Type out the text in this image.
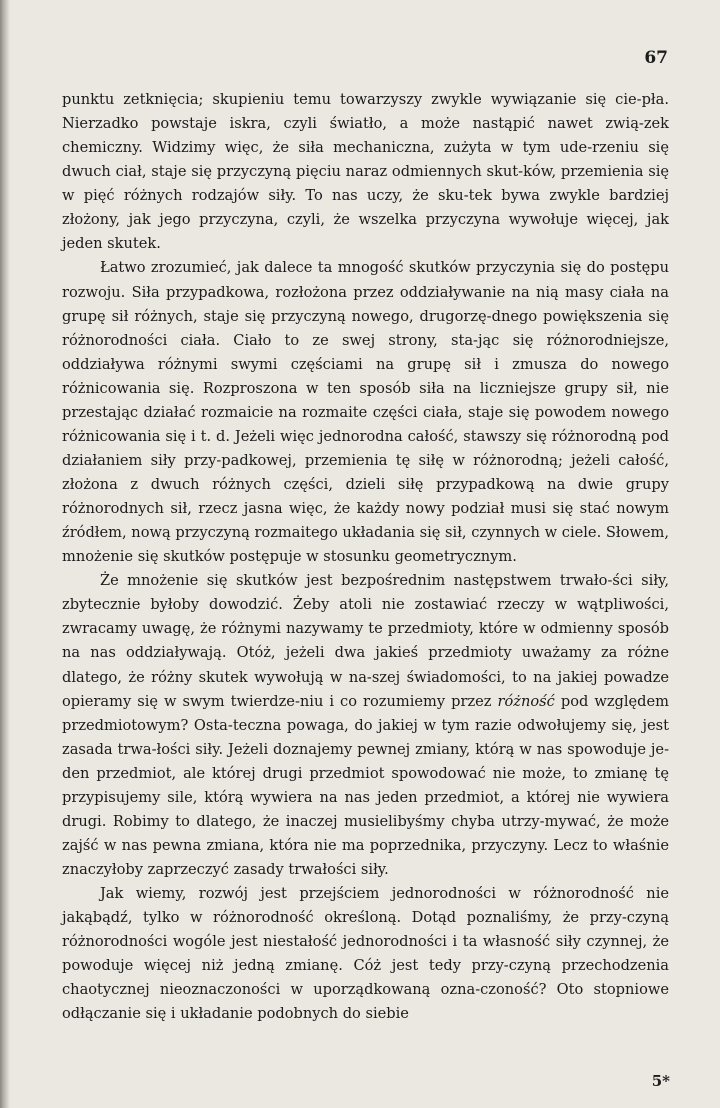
67

punktu zetknięcia; skupieniu temu towarzyszy zwykle wywiązanie się cie-pła. Nierzadko powstaje iskra, czyli światło, a może nastąpić nawet zwią-zek chemiczny. Widzimy więc, że siła mechaniczna, zużyta w tym ude-rzeniu się dwuch ciał, staje się przyczyną pięciu naraz odmiennych skut-ków, przemienia się w pięć różnych rodzajów siły. To nas uczy, że sku-tek bywa zwykle bardziej złożony, jak jego przyczyna, czyli, że wszelka przyczyna wywołuje więcej, jak jeden skutek.

Łatwo zrozumieć, jak dalece ta mnogość skutków przyczynia się do postępu rozwoju. Siła przypadkowa, rozłożona przez oddziaływanie na nią masy ciała na grupę sił różnych, staje się przyczyną nowego, drugorzę-dnego powiększenia się różnorodności ciała. Ciało to ze swej strony, sta-jąc się różnorodniejsze, oddziaływa różnymi swymi częściami na grupę sił i zmusza do nowego różnicowania się. Rozproszona w ten sposób siła na liczniejsze grupy sił, nie przestając działać rozmaicie na rozmaite części ciała, staje się powodem nowego różnicowania się i t. d. Jeżeli więc jednorodna całość, stawszy się różnorodną pod działaniem siły przy-padkowej, przemienia tę siłę w różnorodną; jeżeli całość, złożona z dwuch różnych części, dzieli siłę przypadkową na dwie grupy różnorodnych sił, rzecz jasna więc, że każdy nowy podział musi się stać nowym źródłem, nową przyczyną rozmaitego układania się sił, czynnych w ciele. Słowem, mnożenie się skutków postępuje w stosunku geometrycznym.

Że mnożenie się skutków jest bezpośrednim następstwem trwało-ści siły, zbytecznie byłoby dowodzić. Żeby atoli nie zostawiać rzeczy w wątpliwości, zwracamy uwagę, że różnymi nazywamy te przedmioty, które w odmienny sposób na nas oddziaływają. Otóż, jeżeli dwa jakieś przedmioty uważamy za różne dlatego, że różny skutek wywołują w na-szej świadomości, to na jakiej powadze opieramy się w swym twierdze-niu i co rozumiemy przez różność pod względem przedmiotowym? Osta-teczna powaga, do jakiej w tym razie odwołujemy się, jest zasada trwa-łości siły. Jeżeli doznajemy pewnej zmiany, którą w nas spowoduje je-den przedmiot, ale której drugi przedmiot spowodować nie może, to zmianę tę przypisujemy sile, którą wywiera na nas jeden przedmiot, a której nie wywiera drugi. Robimy to dlatego, że inaczej musielibyśmy chyba utrzy-mywać, że może zajść w nas pewna zmiana, która nie ma poprzednika, przyczyny. Lecz to właśnie znaczyłoby zaprzeczyć zasady trwałości siły.

Jak wiemy, rozwój jest przejściem jednorodności w różnorodność nie jakąbądź, tylko w różnorodność określoną. Dotąd poznaliśmy, że przy-czyną różnorodności wogóle jest niestałość jednorodności i ta własność siły czynnej, że powoduje więcej niż jedną zmianę. Cóż jest tedy przy-czyną przechodzenia chaotycznej nieoznaczoności w uporządkowaną ozna-czoność? Oto stopniowe odłączanie się i układanie podobnych do siebie

5*
